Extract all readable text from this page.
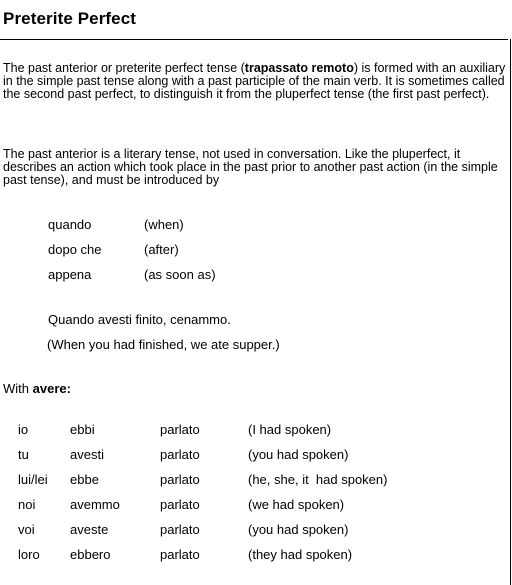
Preterite Perfect

The past anterior or preterite perfect tense (trapassato remoto) is formed with an auxiliary in the simple past tense along with a past participle of the main verb. It is sometimes called the second past perfect, to distinguish it from the pluperfect tense (the first past perfect).

The past anterior is a literary tense, not used in conversation. Like the pluperfect, it describes an action which took place in the past prior to another past action (in the simple past tense), and must be introduced by

quando	(when)
dopo che	(after)
appena	(as soon as)
Quando avesti finito, cenammo.
(When you had finished, we ate supper.)
With avere:
io	ebbi	parlato	(I had spoken)
tu	avesti	parlato	(you had spoken)
lui/lei ebbe	parlato	(he, she, it  had spoken)
noi	avemmo	parlato	(we had spoken)
voi	aveste	parlato	(you had spoken)
loro ebbero	parlato	(they had spoken)
